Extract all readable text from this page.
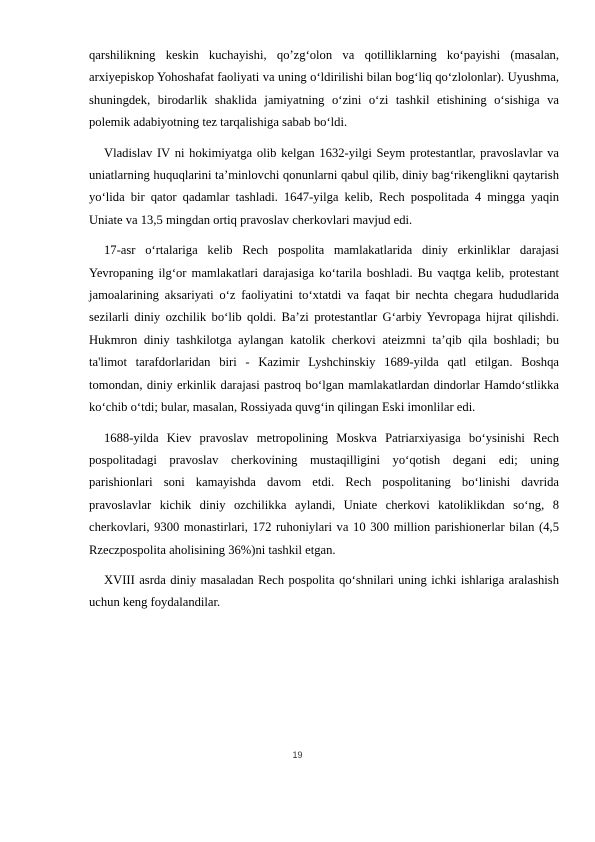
qarshilikning keskin kuchayishi, qoʼzgʻolon va qotilliklarning koʻpayishi (masalan, arxiyepiskop Yohoshafat faoliyati va uning oʻldirilishi bilan bogʻliq qoʻzlolonlar). Uyushma, shuningdek, birodarlik shaklida jamiyatning oʻzini oʻzi tashkil etishining oʻsishiga va polemik adabiyotning tez tarqalishiga sabab boʻldi.

Vladislav IV ni hokimiyatga olib kelgan 1632-yilgi Seym protestantlar, pravoslavlar va uniatlarning huquqlarini taʼminlovchi qonunlarni qabul qilib, diniy bagʻrikenglikni qaytarish yoʻlida bir qator qadamlar tashladi. 1647-yilga kelib, Rech pospolitada 4 mingga yaqin Uniate va 13,5 mingdan ortiq pravoslav cherkovlari mavjud edi.

17-asr oʻrtalariga kelib Rech pospolita mamlakatlarida diniy erkinliklar darajasi Yevropaning ilgʻor mamlakatlari darajasiga koʻtarila boshladi. Bu vaqtga kelib, protestant jamoalarining aksariyati oʻz faoliyatini toʻxtatdi va faqat bir nechta chegara hududlarida sezilarli diniy ozchilik boʻlib qoldi. Baʼzi protestantlar Gʻarbiy Yevropaga hijrat qilishdi. Hukmron diniy tashkilotga aylangan katolik cherkovi ateizmni taʼqib qila boshladi; bu ta'limot tarafdorlaridan biri - Kazimir Lyshchinskiy 1689-yilda qatl etilgan. Boshqa tomondan, diniy erkinlik darajasi pastroq boʻlgan mamlakatlardan dindorlar Hamdoʻstlikka koʻchib oʻtdi; bular, masalan, Rossiyada quvgʻin qilingan Eski imonlilar edi.

1688-yilda Kiev pravoslav metropolining Moskva Patriarxiyasiga boʻysinishi Rech pospolitadagi pravoslav cherkovining mustaqilligini yoʻqotish degani edi; uning parishionlari soni kamayishda davom etdi. Rech pospolitaning boʻlinishi davrida pravoslavlar kichik diniy ozchilikka aylandi, Uniate cherkovi katoliklikdan soʻng, 8 cherkovlari, 9300 monastirlari, 172 ruhoniylari va 10 300 million parishionerlar bilan (4,5 Rzeczpospolita aholisining 36%)ni tashkil etgan.

XVIII asrda diniy masaladan Rech pospolita qoʻshnilari uning ichki ishlariga aralashish uchun keng foydalandilar.

19
